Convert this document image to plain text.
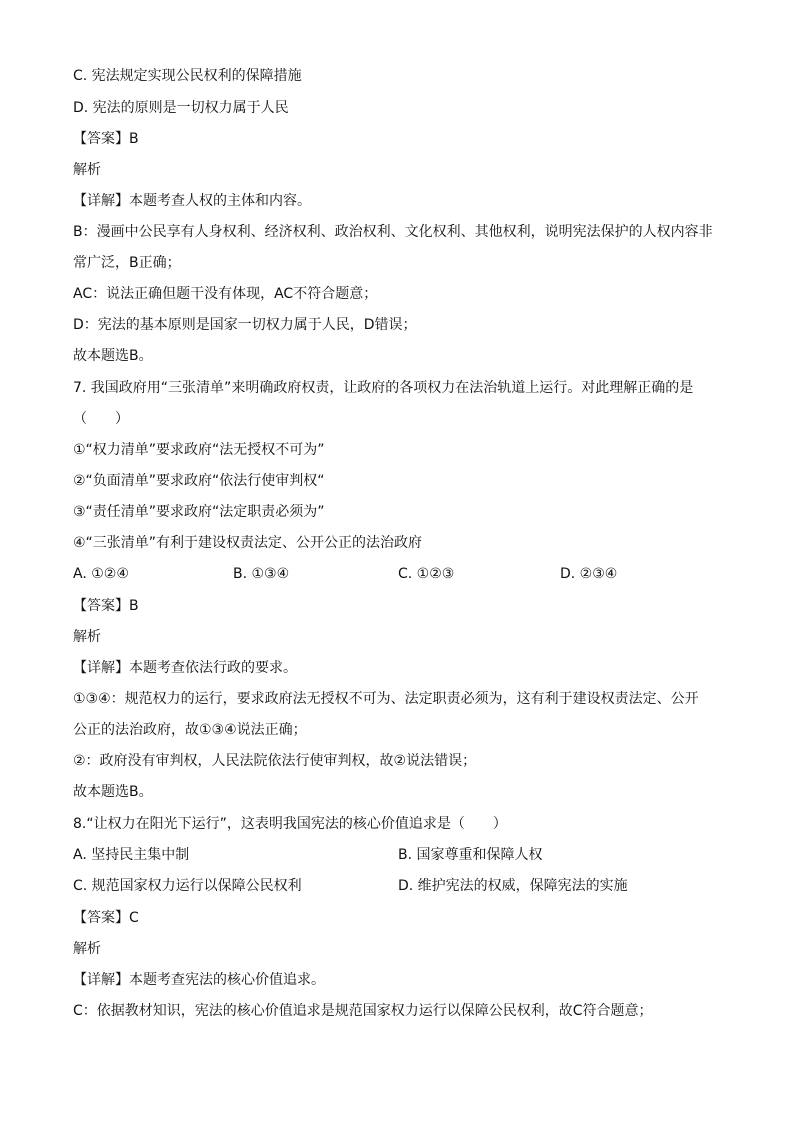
C. 宪法规定实现公民权利的保障措施
D. 宪法的原则是一切权力属于人民
【答案】B
解析
【详解】本题考查人权的主体和内容。
B：漫画中公民享有人身权利、经济权利、政治权利、文化权利、其他权利，说明宪法保护的人权内容非
常广泛，B正确；
AC：说法正确但题干没有体现，AC不符合题意；
D：宪法的基本原则是国家一切权力属于人民，D错误；
故本题选B。
7. 我国政府用“三张清单”来明确政府权责，让政府的各项权力在法治轨道上运行。对此理解正确的是
（　　）
①“权力清单”要求政府“法无授权不可为”
②“负面清单”要求政府“依法行使审判权“
③“责任清单”要求政府“法定职责必须为”
④“三张清单”有利于建设权责法定、公开公正的法治政府
A. ①②④	B. ①③④	C. ①②③	D. ②③④
【答案】B
解析
【详解】本题考查依法行政的要求。
①③④：规范权力的运行，要求政府法无授权不可为、法定职责必须为，这有利于建设权责法定、公开
公正的法治政府，故①③④说法正确；
②：政府没有审判权，人民法院依法行使审判权，故②说法错误；
故本题选B。
8.“让权力在阳光下运行”，这表明我国宪法的核心价值追求是（　　）
A. 坚持民主集中制	B. 国家尊重和保障人权
C. 规范国家权力运行以保障公民权利	D. 维护宪法的权威，保障宪法的实施
【答案】C
解析
【详解】本题考查宪法的核心价值追求。
C：依据教材知识，宪法的核心价值追求是规范国家权力运行以保障公民权利，故C符合题意；
